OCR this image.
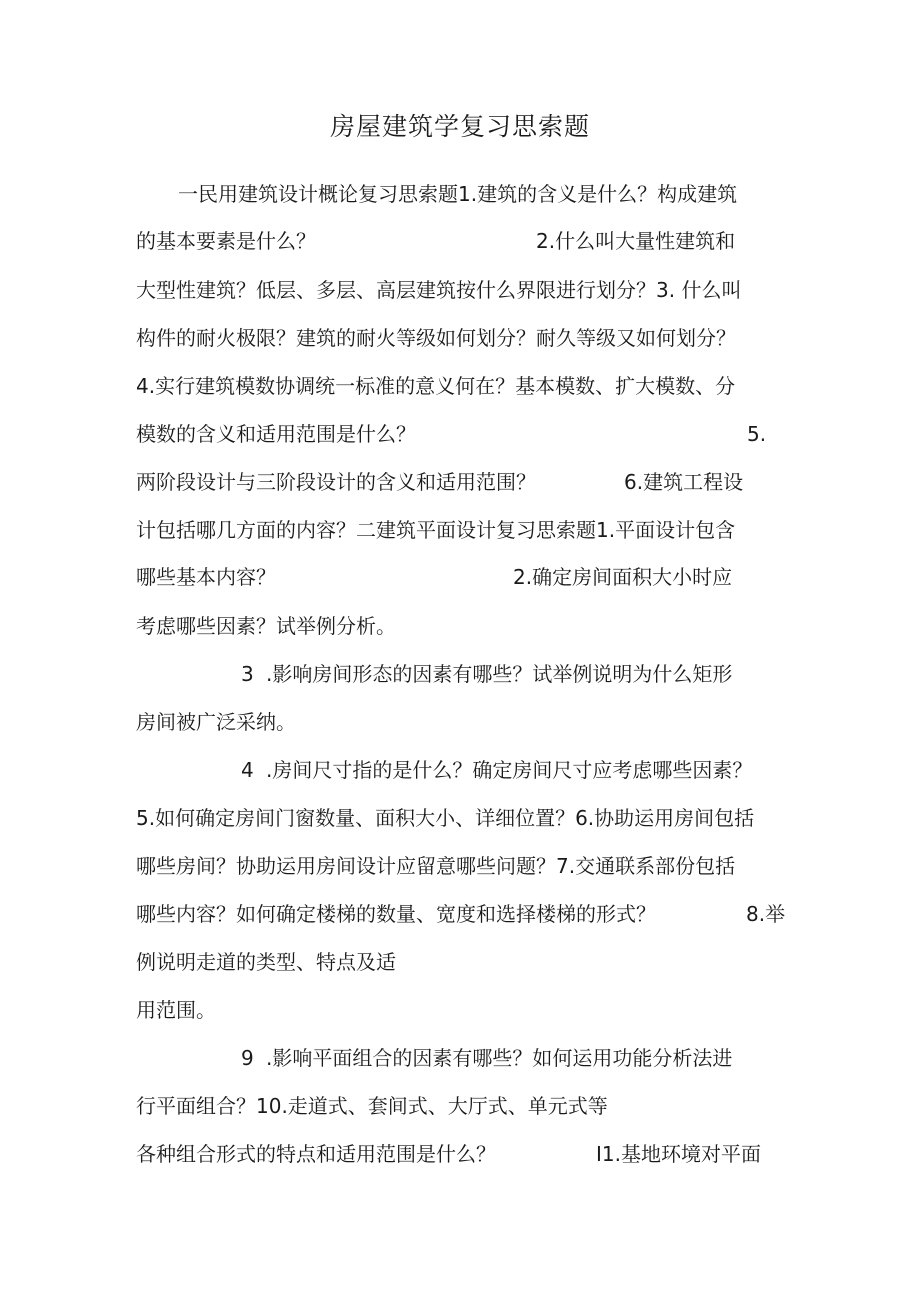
房屋建筑学复习思索题
一民用建筑设计概论复习思索题1.建筑的含义是什么？构成建筑
的基本要素是什么？	2.什么叫大量性建筑和
大型性建筑？低层、多层、高层建筑按什么界限进行划分？3. 什么叫
构件的耐火极限？建筑的耐火等级如何划分？耐久等级又如何划分？
4.实行建筑模数协调统一标准的意义何在？基本模数、扩大模数、分
模数的含义和适用范围是什么？	5.
两阶段设计与三阶段设计的含义和适用范围？	6.建筑工程设
计包括哪几方面的内容？二建筑平面设计复习思索题1.平面设计包含
哪些基本内容？	2.确定房间面积大小时应
考虑哪些因素？试举例分析。
3 .影响房间形态的因素有哪些？试举例说明为什么矩形
房间被广泛采纳。
4 .房间尺寸指的是什么？确定房间尺寸应考虑哪些因素？
5.如何确定房间门窗数量、面积大小、详细位置？6.协助运用房间包括
哪些房间？协助运用房间设计应留意哪些问题？7.交通联系部份包括
哪些内容？如何确定楼梯的数量、宽度和选择楼梯的形式？	8.举
例说明走道的类型、特点及适
用范围。
9 .影响平面组合的因素有哪些？如何运用功能分析法进
行平面组合？10.走道式、套间式、大厅式、单元式等
各种组合形式的特点和适用范围是什么？	I1.基地环境对平面
